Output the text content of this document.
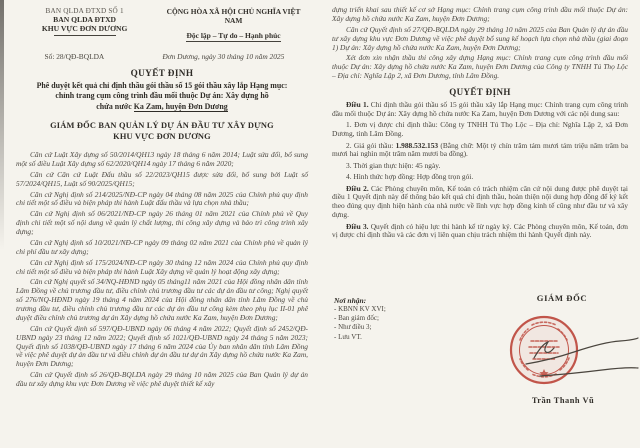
BAN QLDA ĐTXD SỐ 1
BAN QLDA ĐTXD
KHU VỰC ĐƠN DƯƠNG
CỘNG HÒA XÃ HỘI CHỦ NGHĨA VIỆT NAM
Độc lập – Tự do – Hạnh phúc
Số: 28/QĐ-BQLDA	Đơn Dương, ngày 30 tháng 10 năm 2025
QUYẾT ĐỊNH
Phê duyệt kết quả chỉ định thầu gói thầu số 15 gói thầu xây lắp Hạng mục:
chỉnh trang cụm công trình đầu mối thuộc Dự án: Xây dựng hồ
chứa nước Ka Zam, huyện Đơn Dương
GIÁM ĐỐC BAN QUẢN LÝ DỰ ÁN ĐẦU TƯ XÂY DỰNG
KHU VỰC ĐƠN DƯƠNG

Căn cứ Luật Xây dựng số 50/2014/QH13 ngày 18 tháng 6 năm 2014; Luật sửa đổi, bổ sung một số điều Luật Xây dựng số 62/2020/QH14 ngày 17 tháng 6 năm 2020;

Căn cứ Căn cứ Luật Đấu thầu số 22/2023/QH15 được sửa đổi, bổ sung bởi Luật số 57/2024/QH15, Luật số 90/2025/QH15;

Căn cứ Nghị định số 214/2025/NĐ-CP ngày 04 tháng 08 năm 2025 của Chính phủ quy định chi tiết một số điều và biện pháp thi hành Luật đấu thầu và lựa chọn nhà thầu;

Căn cứ Nghị định số 06/2021/NĐ-CP ngày 26 tháng 01 năm 2021 của Chính phủ về Quy định chi tiết một số nội dung về quản lý chất lượng, thi công xây dựng và bảo trì công trình xây dựng;

Căn cứ Nghị định số 10/2021/NĐ-CP ngày 09 tháng 02 năm 2021 của Chính phủ về quản lý chi phí đầu tư xây dựng;

Căn cứ Nghị định số 175/2024/NĐ-CP ngày 30 tháng 12 năm 2024 của Chính phủ quy định chi tiết một số điều và biện pháp thi hành Luật Xây dựng về quản lý hoạt động xây dựng;

Căn cứ Nghị quyết số 34/NQ-HĐND ngày 05 tháng11 năm 2021 của Hội đồng nhân dân tỉnh Lâm Đồng về chủ trương đầu tư, điều chỉnh chủ trương đầu tư các dự án đầu tư công; Nghị quyết số 276/NQ-HĐND ngày 19 tháng 4 năm 2024 của Hội đồng nhân dân tỉnh Lâm Đồng về chủ trương đầu tư, điều chỉnh chủ trương đầu tư các dự án đầu tư công kèm theo phụ lục II-01 phê duyệt điều chỉnh chủ trương dự án Xây dựng hồ chứa nước Ka Zam, huyện Đơn Dương;

Căn cứ Quyết định số 597/QĐ-UBND ngày 06 tháng 4 năm 2022; Quyết định số 2452/QĐ-UBND ngày 23 tháng 12 năm 2022; Quyết định số 1021/QĐ-UBND ngày 24 tháng 5 năm 2023; Quyết định số 1038/QĐ-UBND ngày 17 tháng 6 năm 2024 của Ủy ban nhân dân tỉnh Lâm Đồng về việc phê duyệt dự án đầu tư và điều chỉnh dự án đầu tư dự án Xây dựng hồ chứa nước Ka Zam, huyện Đơn Dương;

Căn cứ Quyết định số 26/QĐ-BQLDA ngày 29 tháng 10 năm 2025 của Ban Quản lý dự án đầu tư xây dựng khu vực Đơn Dương về việc phê duyệt thiết kế xây

dựng triển khai sau thiết kế cơ sở Hạng mục: Chỉnh trang cụm công trình đầu mối thuộc Dự án: Xây dựng hồ chứa nước Ka Zam, huyện Đơn Dương;

Căn cứ Quyết định số 27/QĐ-BQLDA ngày 29 tháng 10 năm 2025 của Ban Quản lý dự án đầu tư xây dựng khu vực Đơn Dương về việc phê duyệt bổ sung kế hoạch lựa chọn nhà thầu (giai đoạn 1) Dự án: Xây dựng hồ chứa nước Ka Zam, huyện Đơn Dương;

Xét đơn xin nhận thầu thi công xây dựng Hạng mục: Chỉnh trang cụm công trình đầu mối thuộc Dự án: Xây dựng hồ chứa nước Ka Zam, huyện Đơn Dương của Công ty TNHH Tú Thọ Lộc – Địa chỉ: Nghĩa Lập 2, xã Đơn Dương, tỉnh Lâm Đồng.

QUYẾT ĐỊNH

Điều 1. Chỉ định thầu gói thầu số 15 gói thầu xây lắp Hạng mục: Chỉnh trang cụm công trình đầu mối thuộc Dự án: Xây dựng hồ chứa nước Ka Zam, huyện Đơn Dương với các nội dung sau:

1. Đơn vị được chỉ định thầu: Công ty TNHH Tú Thọ Lộc – Địa chỉ: Nghĩa Lập 2, xã Đơn Dương, tỉnh Lâm Đồng.

2. Giá gói thầu: 1.988.532.153 (Bằng chữ: Một tỷ chín trăm tám mươi tám triệu năm trăm ba mươi hai nghìn một trăm năm mươi ba đồng).

3. Thời gian thực hiện: 45 ngày.

4. Hình thức hợp đồng: Hợp đồng trọn gói.

Điều 2. Các Phòng chuyên môn, Kế toán có trách nhiệm căn cứ nội dung được phê duyệt tại điều 1 Quyết định này để thông báo kết quả chỉ định thầu, hoàn thiện nội dung hợp đồng để ký kết theo đúng quy định hiện hành của nhà nước về lĩnh vực hợp đồng kinh tế cũng như đầu tư và xây dựng.

Điều 3. Quyết định có hiệu lực thi hành kể từ ngày ký. Các Phòng chuyên môn, Kế toán, đơn vị được chỉ định thầu và các đơn vị liên quan chịu trách nhiệm thi hành Quyết định này.

Nơi nhận:
- KBNN KV XVI;
- Ban giám đốc;
- Như điều 3;
- Lưu VT.
GIÁM ĐỐC
Trần Thanh Vũ
